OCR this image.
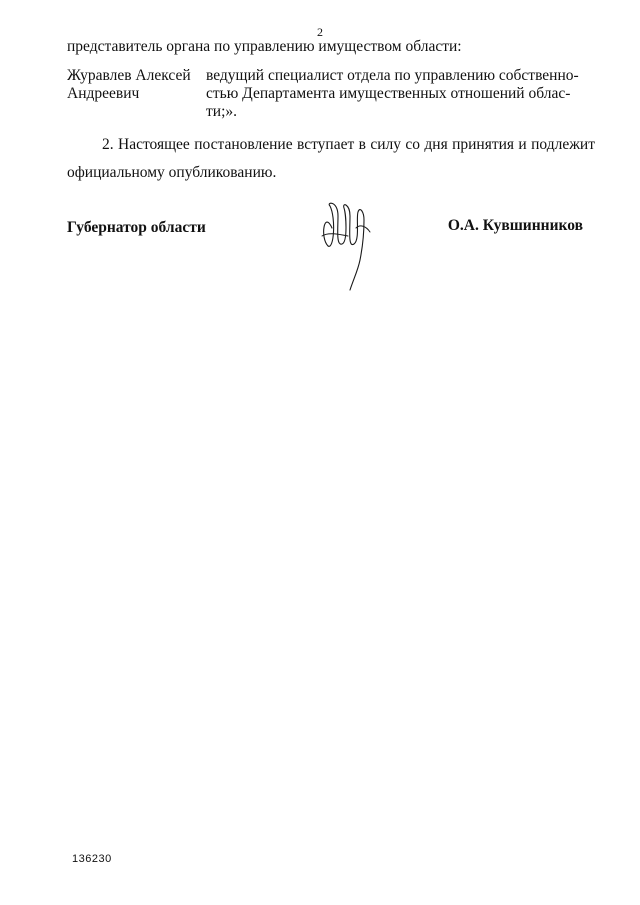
2
представитель органа по управлению имуществом области:
Журавлев Алексей
Андреевич
ведущий специалист отдела по управлению собственно-
стью Департамента имущественных отношений облас-
ти;».
2. Настоящее постановление вступает в силу со дня принятия и подлежит
официальному опубликованию.
Губернатор области	О.А. Кувшинников
136230
